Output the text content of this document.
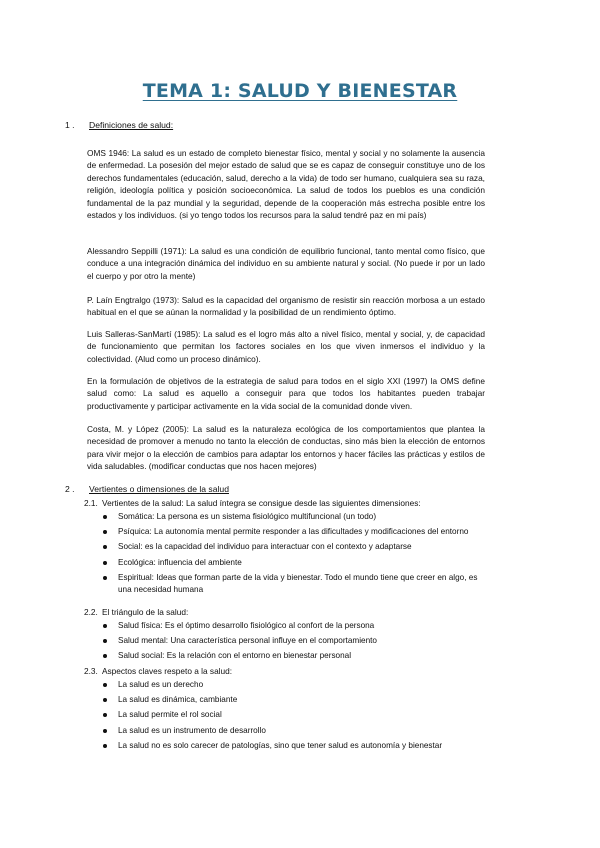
TEMA 1: SALUD Y BIENESTAR
1 . Definiciones de salud:

OMS 1946: La salud es un estado de completo bienestar físico, mental y social y no solamente la ausencia de enfermedad. La posesión del mejor estado de salud que se es capaz de conseguir constituye uno de los derechos fundamentales (educación, salud, derecho a la vida) de todo ser humano, cualquiera sea su raza, religión, ideología política y posición socioeconómica. La salud de todos los pueblos es una condición fundamental de la paz mundial y la seguridad, depende de la cooperación más estrecha posible entre los estados y los individuos. (si yo tengo todos los recursos para la salud tendré paz en mi país)

Alessandro Seppilli (1971): La salud es una condición de equilibrio funcional, tanto mental como físico, que conduce a una integración dinámica del individuo en su ambiente natural y social. (No puede ir por un lado el cuerpo y por otro la mente)

P. Laín Engtralgo (1973): Salud es la capacidad del organismo de resistir sin reacción morbosa a un estado habitual en el que se aúnan la normalidad y la posibilidad de un rendimiento óptimo.

Luis Salleras-SanMartí (1985): La salud es el logro más alto a nivel físico, mental y social, y, de capacidad de funcionamiento que permitan los factores sociales en los que viven inmersos el individuo y la colectividad. (Alud como un proceso dinámico).

En la formulación de objetivos de la estrategia de salud para todos en el siglo XXI (1997) la OMS define salud como: La salud es aquello a conseguir para que todos los habitantes pueden trabajar productivamente y participar activamente en la vida social de la comunidad donde viven.

Costa, M. y López (2005): La salud es la naturaleza ecológica de los comportamientos que plantea la necesidad de promover a menudo no tanto la elección de conductas, sino más bien la elección de entornos para vivir mejor o la elección de cambios para adaptar los entornos y hacer fáciles las prácticas y estilos de vida saludables. (modificar conductas que nos hacen mejores)

2 . Vertientes o dimensiones de la salud
2.1. Vertientes de la salud: La salud íntegra se consigue desde las siguientes dimensiones:
Somática: La persona es un sistema fisiológico multifuncional (un todo)
Psíquica: La autonomía mental permite responder a las dificultades y modificaciones del entorno
Social: es la capacidad del individuo para interactuar con el contexto y adaptarse
Ecológica: influencia del ambiente
Espiritual: Ideas que forman parte de la vida y bienestar. Todo el mundo tiene que creer en algo, es una necesidad humana
2.2. El triángulo de la salud:
Salud física: Es el óptimo desarrollo fisiológico al confort de la persona
Salud mental: Una característica personal influye en el comportamiento
Salud social: Es la relación con el entorno en bienestar personal
2.3. Aspectos claves respeto a la salud:
La salud es un derecho
La salud es dinámica, cambiante
La salud permite el rol social
La salud es un instrumento de desarrollo
La salud no es solo carecer de patologías, sino que tener salud es autonomía y bienestar
